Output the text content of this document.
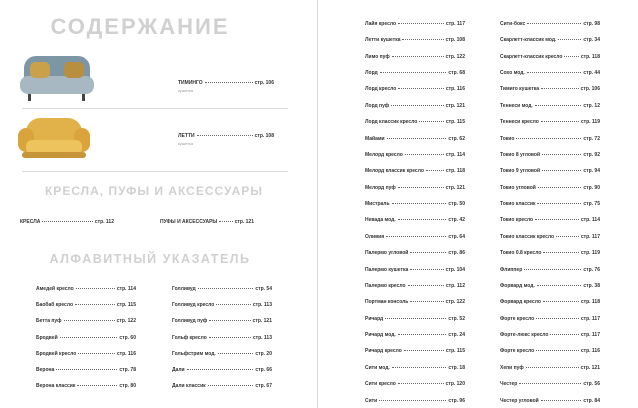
СОДЕРЖАНИЕ
ТИМИНГО	стр. 106
кушетка
ЛЕТТИ	стр. 108
кушетка
КРЕСЛА, ПУФЫ И АКСЕССУАРЫ
КРЕСЛА	стр. 112	ПУФЫ И АКСЕССУАРЫ	стр. 121
АЛФАВИТНЫЙ УКАЗАТЕЛЬ
Амедей кресло	стр. 114
Баобаб кресло	стр. 115
Бетта пуф	стр. 122
Бродвей	стр. 60
Бродвей кресло	стр. 116
Верона	стр. 78
Верона классик	стр. 80
Голливуд	стр. 54
Голливуд кресло	стр. 113
Голливуд пуф	стр. 121
Гольф кресло	стр. 113
Гольфстрим мод.	стр. 20
Дали	стр. 66
Дали классик	стр. 67
Лайя кресло	стр. 117
Летти кушетка	стр. 108
Лимо пуф	стр. 122
Лорд	стр. 68
Лорд кресло	стр. 116
Лорд пуф	стр. 121
Лорд классик кресло	стр. 115
Майами	стр. 62
Мелорд кресло	стр. 114
Мелорд классик кресло	стр. 118
Мелорд пуф	стр. 121
Мистраль	стр. 50
Невада мод.	стр. 42
Оливия	стр. 64
Палермо угловой	стр. 86
Палермо кушетка	стр. 104
Палермо кресло	стр. 112
Портман консоль	стр. 122
Ричард	стр. 52
Ричард мод.	стр. 24
Ричард кресло	стр. 115
Сити мод.	стр. 18
Сити кресло	стр. 120
Сити	стр. 96
Сити-бокс	стр. 98
Скарлетт-классик мод.	стр. 34
Скарлетт-классик кресло	стр. 118
Сохо мод.	стр. 44
Тимиго кушетка	стр. 106
Теннеси мод.	стр. 12
Теннеси кресло	стр. 119
Токио	стр. 72
Токио 8 угловой	стр. 92
Токио 9 угловой	стр. 94
Токио угловой	стр. 90
Токио классик	стр. 75
Токио кресло	стр. 114
Токио классик кресло	стр. 117
Токио 0.8 кресло	стр. 119
Флиппер	стр. 76
Форвард мод.	стр. 38
Форвард кресло	стр. 118
Форте кресло	стр. 117
Форте-люкс кресло	стр. 117
Форте кресло	стр. 116
Хепи пуф	стр. 121
Честер	стр. 56
Честер угловой	стр. 84
